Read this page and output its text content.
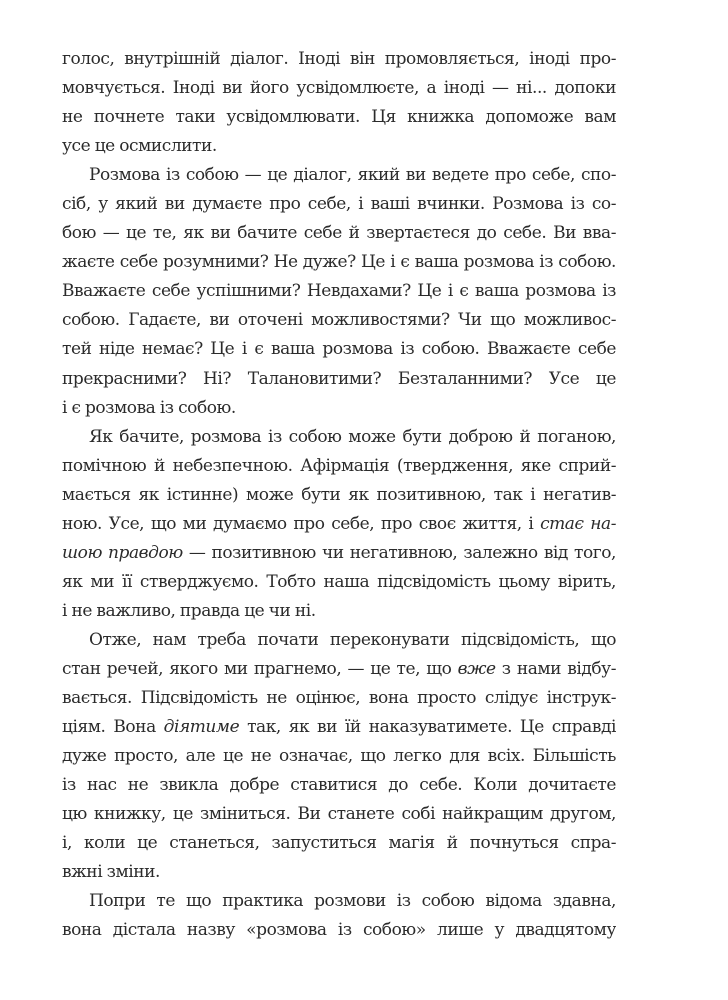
голос, внутрішній діалог. Іноді він промовляється, іноді про-
мовчується. Іноді ви його усвідомлюєте, а іноді — ні... допоки
не почнете таки усвідомлювати. Ця книжка допоможе вам
усе це осмислити.
Розмова із собою — це діалог, який ви ведете про себе, спо-
сіб, у який ви думаєте про себе, і ваші вчинки. Розмова із со-
бою — це те, як ви бачите себе й звертаєтеся до себе. Ви вва-
жаєте себе розумними? Не дуже? Це і є ваша розмова із собою.
Вважаєте себе успішними? Невдахами? Це і є ваша розмова із
собою. Гадаєте, ви оточені можливостями? Чи що можливос-
тей ніде немає? Це і є ваша розмова із собою. Вважаєте себе
прекрасними? Ні? Талановитими? Безталанними? Усе це
і є розмова із собою.
Як бачите, розмова із собою може бути доброю й поганою,
помічною й небезпечною. Афірмація (твердження, яке сприй-
мається як істинне) може бути як позитивною, так і негатив-
ною. Усе, що ми думаємо про себе, про своє життя, і стає на-
шою правдою — позитивною чи негативною, залежно від того,
як ми її стверджуємо. Тобто наша підсвідомість цьому вірить,
і не важливо, правда це чи ні.
Отже, нам треба почати переконувати підсвідомість, що
стан речей, якого ми прагнемо, — це те, що вже з нами відбу-
вається. Підсвідомість не оцінює, вона просто слідує інструк-
ціям. Вона діятиме так, як ви їй наказуватимете. Це справді
дуже просто, але це не означає, що легко для всіх. Більшість
із нас не звикла добре ставитися до себе. Коли дочитаєте
цю книжку, це зміниться. Ви станете собі найкращим другом,
і, коли це станеться, запуститься магія й почнуться спра-
вжні зміни.
Попри те що практика розмови із собою відома здавна,
вона дістала назву «розмова із собою» лише у двадцятому
